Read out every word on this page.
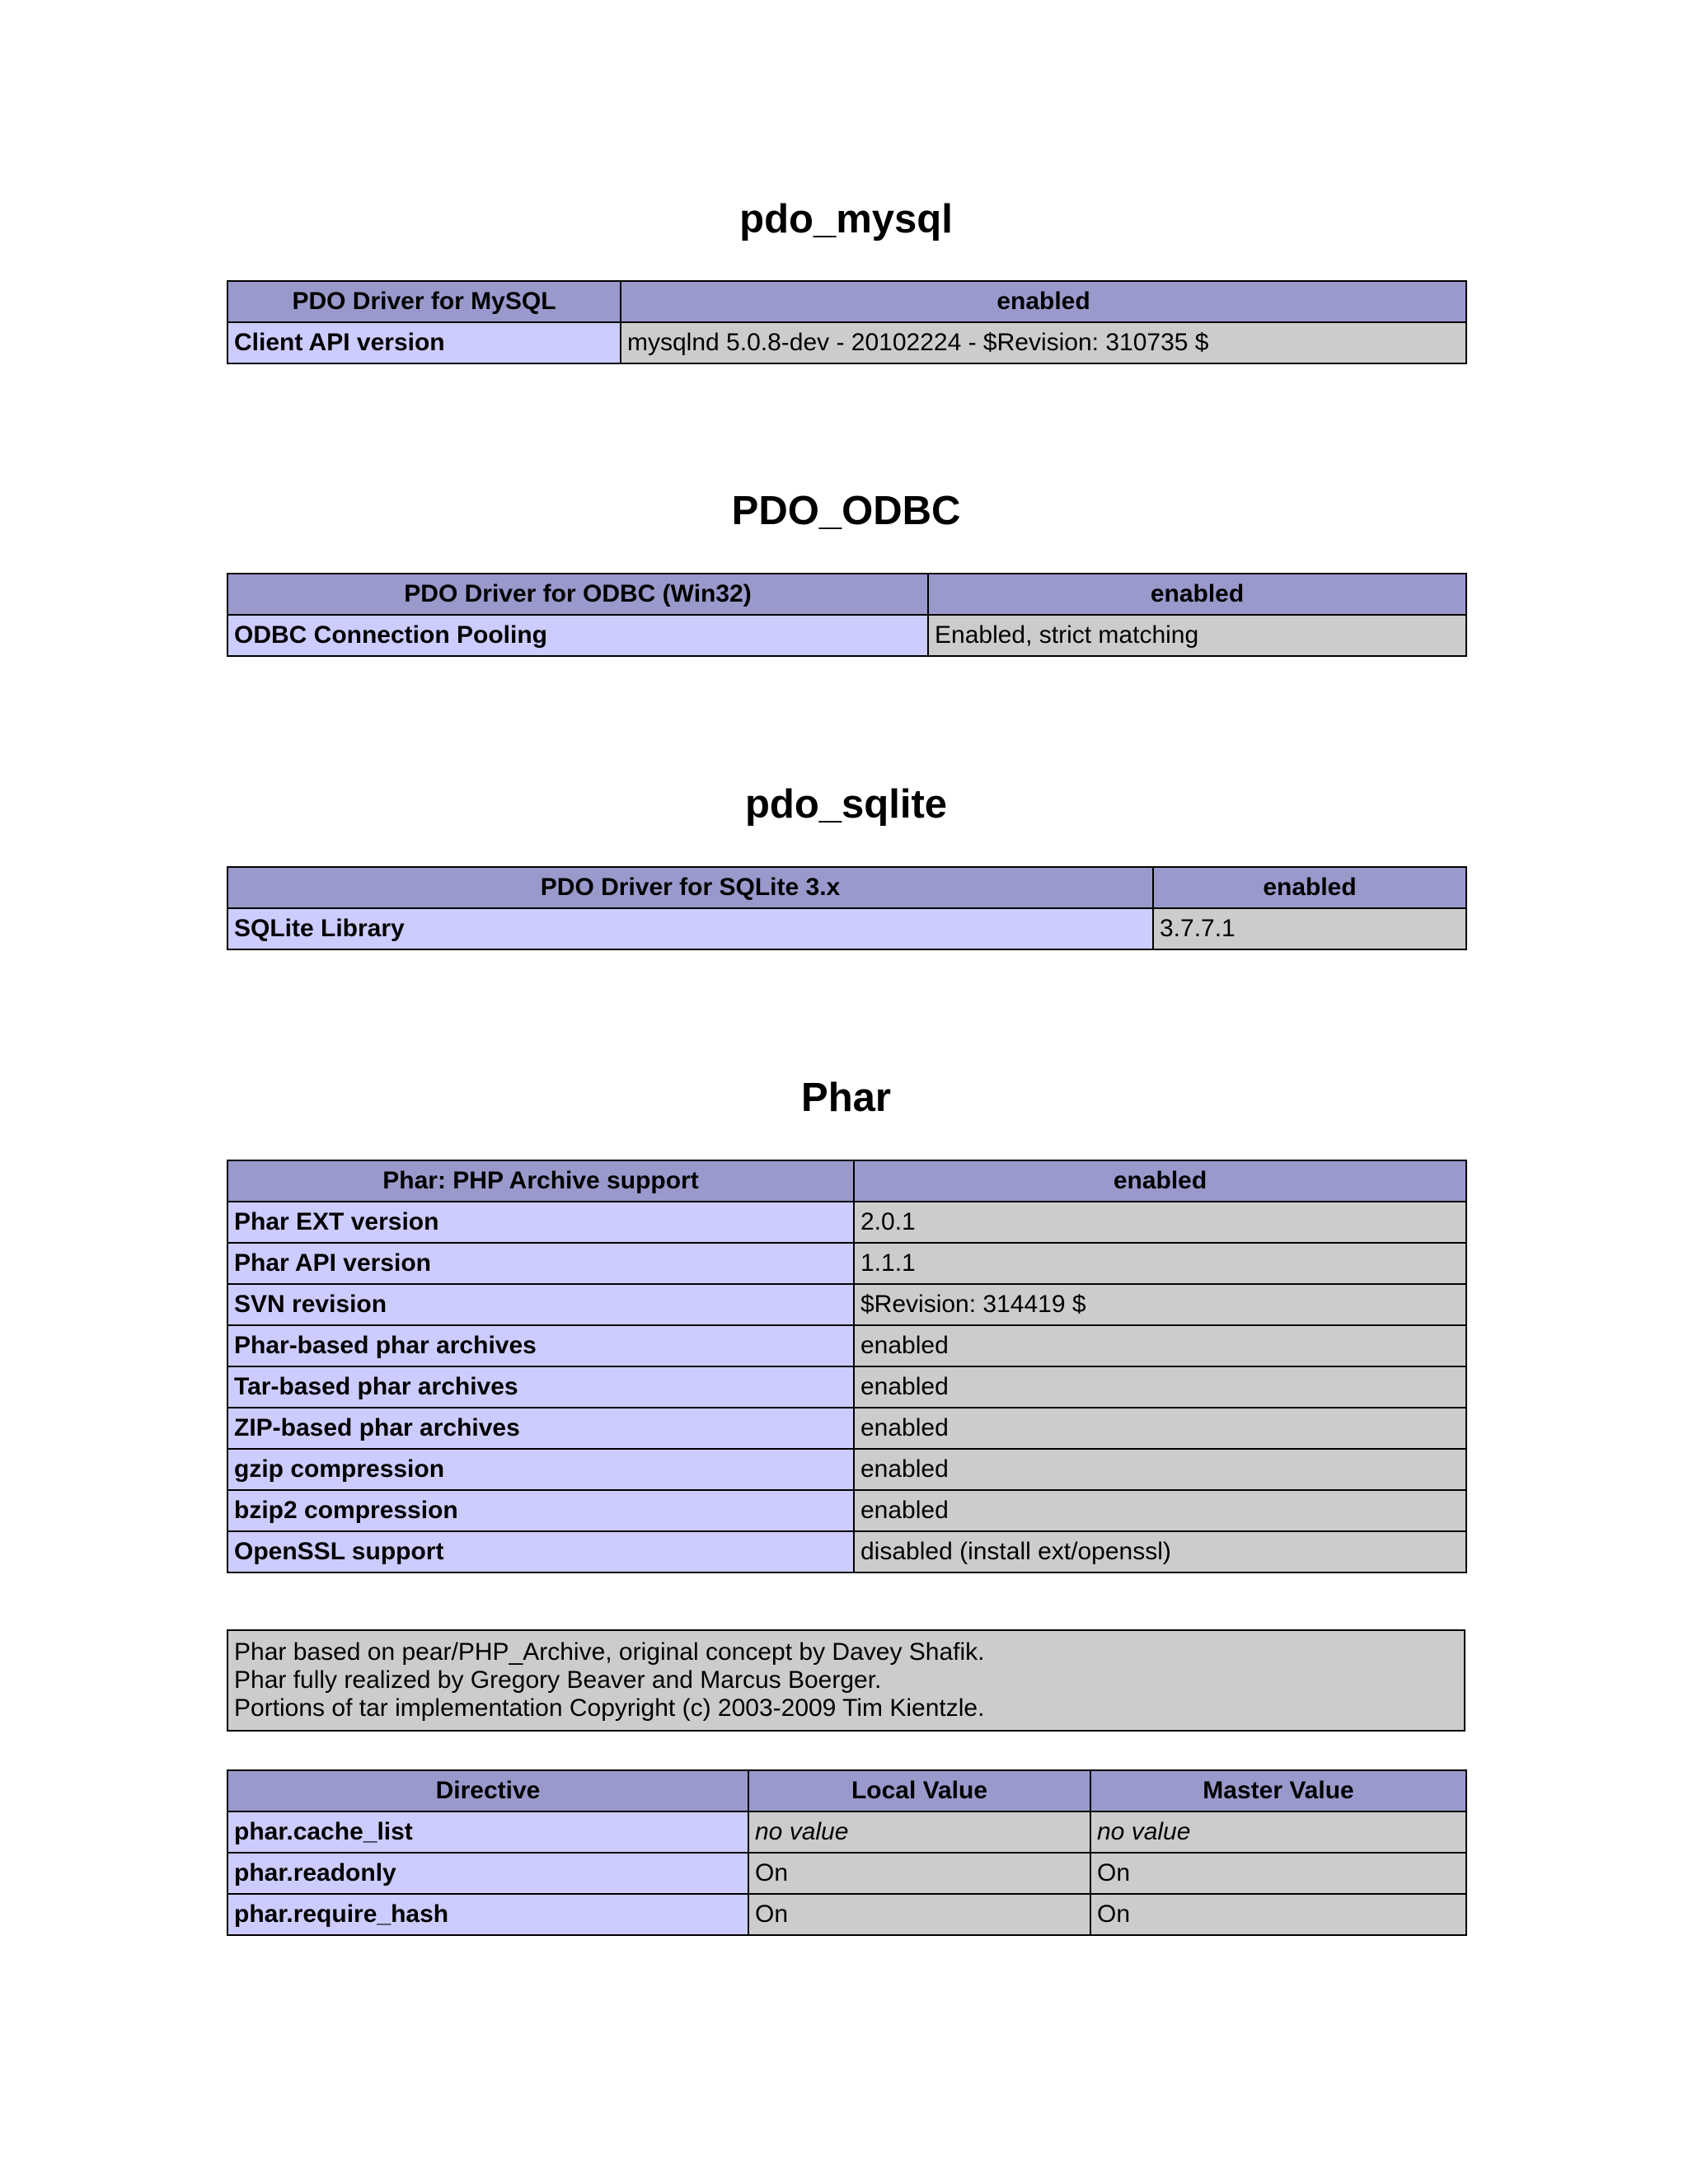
pdo_mysql
PDO Driver for MySQL	enabled
Client API version	mysqlnd 5.0.8-dev - 20102224 - $Revision: 310735 $
PDO_ODBC
PDO Driver for ODBC (Win32)	enabled
ODBC Connection Pooling	Enabled, strict matching
pdo_sqlite
PDO Driver for SQLite 3.x	enabled
SQLite Library	3.7.7.1
Phar
Phar: PHP Archive support	enabled
Phar EXT version	2.0.1
Phar API version	1.1.1
SVN revision	$Revision: 314419 $
Phar-based phar archives	enabled
Tar-based phar archives	enabled
ZIP-based phar archives	enabled
gzip compression	enabled
bzip2 compression	enabled
OpenSSL support	disabled (install ext/openssl)
Phar based on pear/PHP_Archive, original concept by Davey Shafik.
Phar fully realized by Gregory Beaver and Marcus Boerger.
Portions of tar implementation Copyright (c) 2003-2009 Tim Kientzle.
Directive	Local Value	Master Value
phar.cache_list	no value	no value
phar.readonly	On	On
phar.require_hash	On	On
